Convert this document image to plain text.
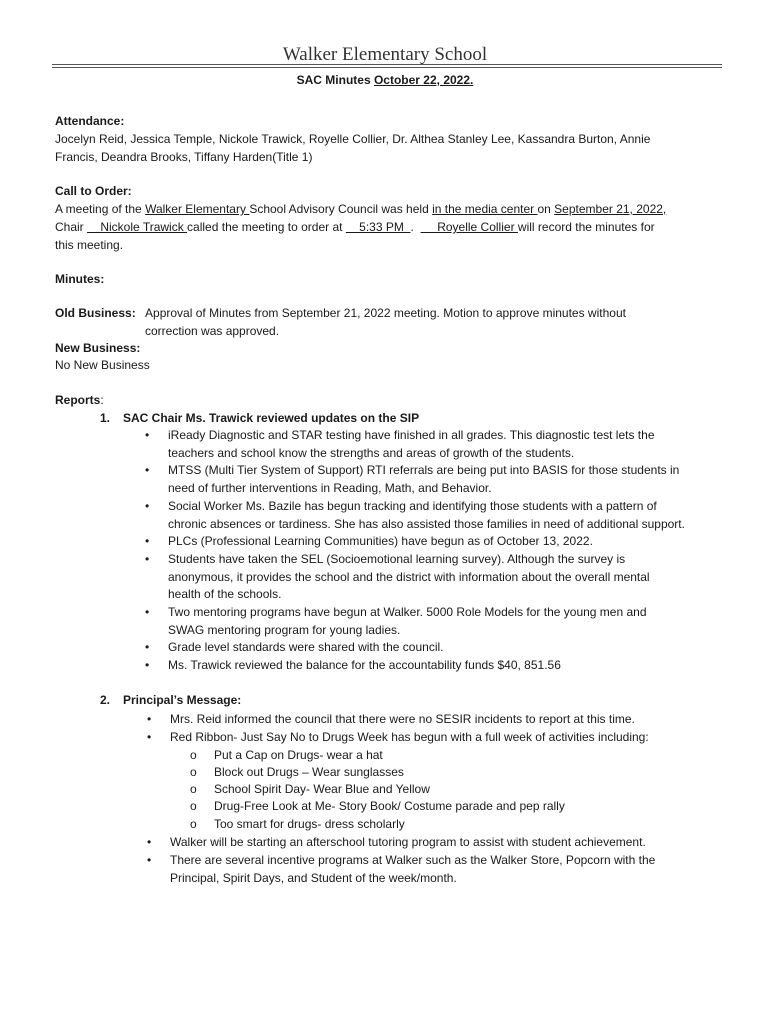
Walker Elementary School
SAC Minutes October 22, 2022.
Attendance:
Jocelyn Reid, Jessica Temple, Nickole Trawick, Royelle Collier, Dr. Althea Stanley Lee, Kassandra Burton, Annie
Francis, Deandra Brooks, Tiffany Harden(Title 1)
Call to Order:
A meeting of the Walker Elementary School Advisory Council was held in the media center on September 21, 2022,
Chair     Nickole Trawick called the meeting to order at     5:33 PM  .       Royelle Collier will record the minutes for
this meeting.
Minutes:
Old Business: Approval of Minutes from September 21, 2022 meeting. Motion to approve minutes without
correction was approved.
New Business:
No New Business
Reports:
1. SAC Chair Ms. Trawick reviewed updates on the SIP
• iReady Diagnostic and STAR testing have finished in all grades. This diagnostic test lets the
teachers and school know the strengths and areas of growth of the students.
• MTSS (Multi Tier System of Support) RTI referrals are being put into BASIS for those students in
need of further interventions in Reading, Math, and Behavior.
• Social Worker Ms. Bazile has begun tracking and identifying those students with a pattern of
chronic absences or tardiness. She has also assisted those families in need of additional support.
• PLCs (Professional Learning Communities) have begun as of October 13, 2022.
• Students have taken the SEL (Socioemotional learning survey). Although the survey is
anonymous, it provides the school and the district with information about the overall mental
health of the schools.
• Two mentoring programs have begun at Walker. 5000 Role Models for the young men and
SWAG mentoring program for young ladies.
• Grade level standards were shared with the council.
• Ms. Trawick reviewed the balance for the accountability funds $40, 851.56
2. Principal’s Message:
• Mrs. Reid informed the council that there were no SESIR incidents to report at this time.
• Red Ribbon- Just Say No to Drugs Week has begun with a full week of activities including:
o Put a Cap on Drugs- wear a hat
o Block out Drugs – Wear sunglasses
o School Spirit Day- Wear Blue and Yellow
o Drug-Free Look at Me- Story Book/ Costume parade and pep rally
o Too smart for drugs- dress scholarly
• Walker will be starting an afterschool tutoring program to assist with student achievement.
• There are several incentive programs at Walker such as the Walker Store, Popcorn with the
Principal, Spirit Days, and Student of the week/month.
